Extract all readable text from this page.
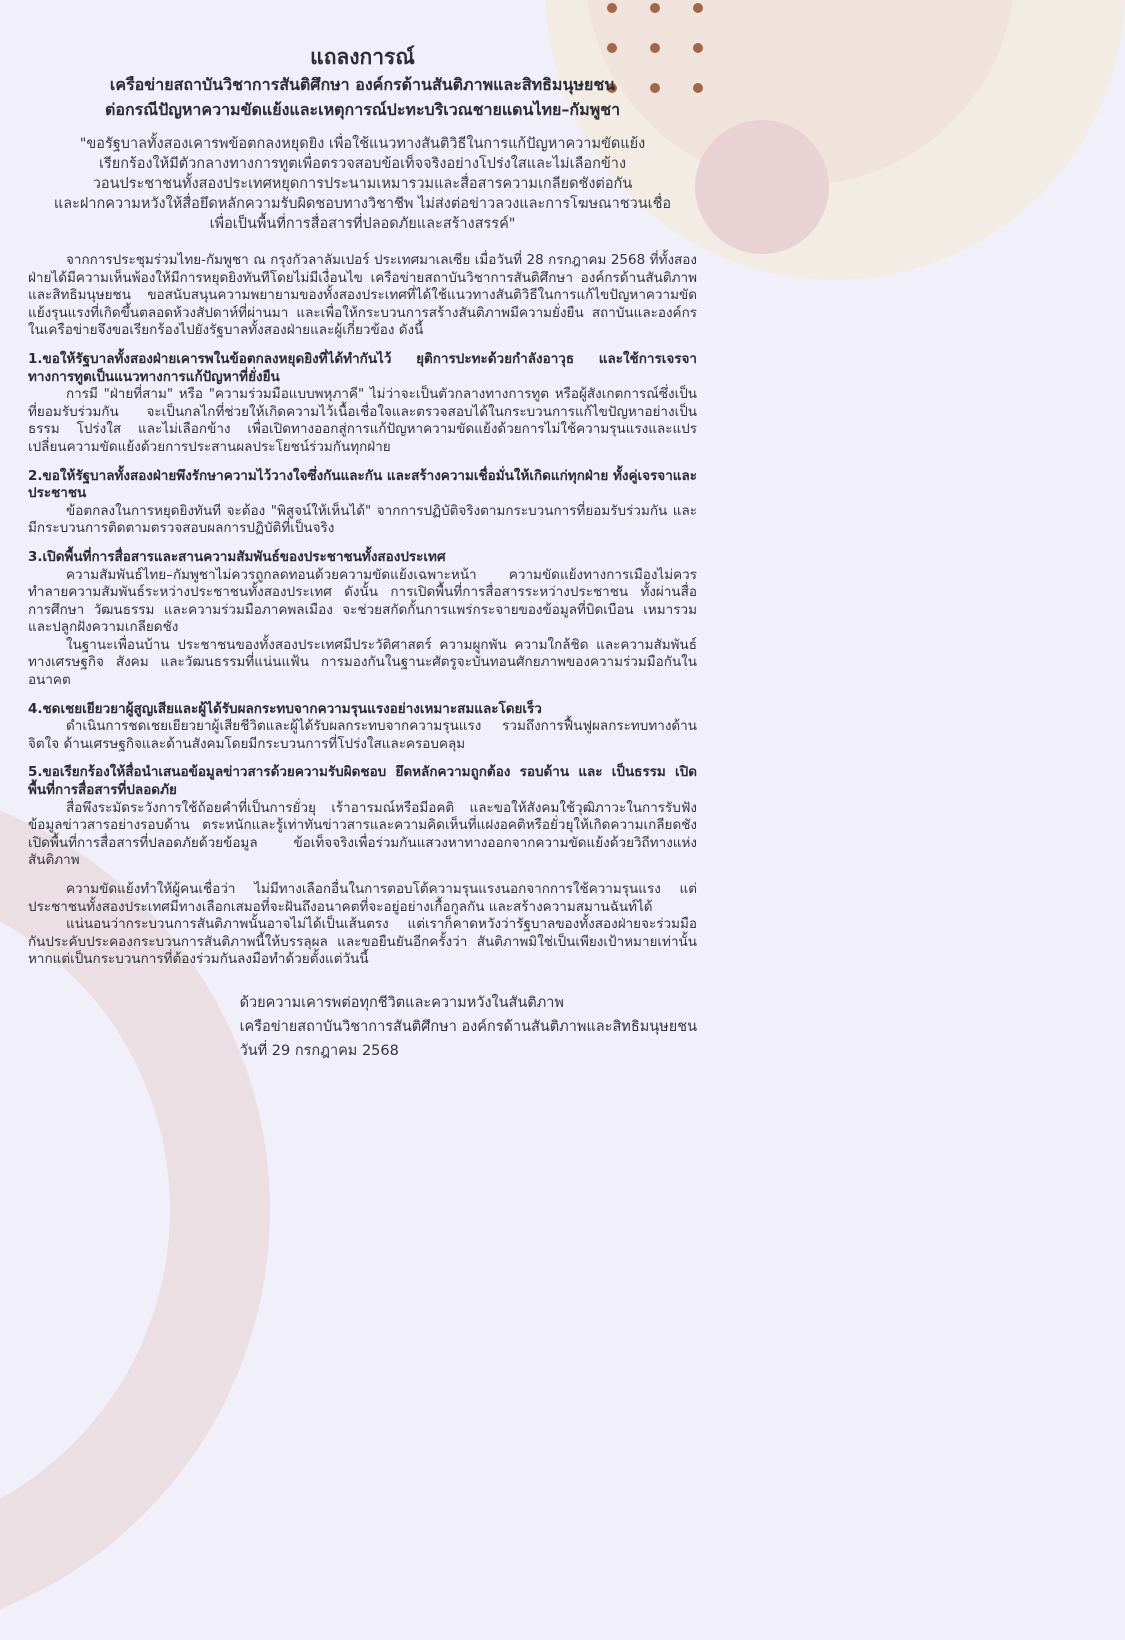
แถลงการณ์
เครือข่ายสถาบันวิชาการสันติศึกษา องค์กรด้านสันติภาพและสิทธิมนุษยชน
ต่อกรณีปัญหาความขัดแย้งและเหตุการณ์ปะทะบริเวณชายแดนไทย–กัมพูชา
"ขอรัฐบาลทั้งสองเคารพข้อตกลงหยุดยิง เพื่อใช้แนวทางสันติวิธีในการแก้ปัญหาความขัดแย้ง
เรียกร้องให้มีตัวกลางทางการทูตเพื่อตรวจสอบข้อเท็จจริงอย่างโปร่งใสและไม่เลือกข้าง
วอนประชาชนทั้งสองประเทศหยุดการประนามเหมารวมและสื่อสารความเกลียดชังต่อกัน
และฝากความหวังให้สื่อยึดหลักความรับผิดชอบทางวิชาชีพ ไม่ส่งต่อข่าวลวงและการโฆษณาชวนเชื่อ
เพื่อเป็นพื้นที่การสื่อสารที่ปลอดภัยและสร้างสรรค์"
จากการประชุมร่วมไทย-กัมพูชา ณ กรุงกัวลาลัมเปอร์ ประเทศมาเลเซีย เมื่อวันที่ 28 กรกฎาคม 2568 ที่ทั้งสองฝ่ายได้มีความเห็นพ้องให้มีการหยุดยิงทันทีโดยไม่มีเงื่อนไข เครือข่ายสถาบันวิชาการสันติศึกษา องค์กรด้านสันติภาพและสิทธิมนุษยชน ขอสนับสนุนความพยายามของทั้งสองประเทศที่ได้ใช้แนวทางสันติวิธีในการแก้ไขปัญหาความขัดแย้งรุนแรงที่เกิดขึ้นตลอดห้วงสัปดาห์ที่ผ่านมา และเพื่อให้กระบวนการสร้างสันติภาพมีความยั่งยืน สถาบันและองค์กรในเครือข่ายจึงขอเรียกร้องไปยังรัฐบาลทั้งสองฝ่ายและผู้เกี่ยวข้อง ดังนี้
1.ขอให้รัฐบาลทั้งสองฝ่ายเคารพในข้อตกลงหยุดยิงที่ได้ทำกันไว้ ยุติการปะทะด้วยกำลังอาวุธ และใช้การเจรจาทางการทูตเป็นแนวทางการแก้ปัญหาที่ยั่งยืน
การมี "ฝ่ายที่สาม" หรือ "ความร่วมมือแบบพหุภาคี" ไม่ว่าจะเป็นตัวกลางทางการทูต หรือผู้สังเกตการณ์ซึ่งเป็นที่ยอมรับร่วมกัน จะเป็นกลไกที่ช่วยให้เกิดความไว้เนื้อเชื่อใจและตรวจสอบได้ในกระบวนการแก้ไขปัญหาอย่างเป็นธรรม โปร่งใส และไม่เลือกข้าง เพื่อเปิดทางออกสู่การแก้ปัญหาความขัดแย้งด้วยการไม่ใช้ความรุนแรงและแปรเปลี่ยนความขัดแย้งด้วยการประสานผลประโยชน์ร่วมกันทุกฝ่าย
2.ขอให้รัฐบาลทั้งสองฝ่ายพึงรักษาความไว้วางใจซึ่งกันและกัน และสร้างความเชื่อมั่นให้เกิดแก่ทุกฝ่าย ทั้งคู่เจรจาและประชาชน
ข้อตกลงในการหยุดยิงทันที จะต้อง "พิสูจน์ให้เห็นได้" จากการปฏิบัติจริงตามกระบวนการที่ยอมรับร่วมกัน และมีกระบวนการติดตามตรวจสอบผลการปฏิบัติที่เป็นจริง
3.เปิดพื้นที่การสื่อสารและสานความสัมพันธ์ของประชาชนทั้งสองประเทศ
ความสัมพันธ์ไทย–กัมพูชาไม่ควรถูกลดทอนด้วยความขัดแย้งเฉพาะหน้า ความขัดแย้งทางการเมืองไม่ควรทำลายความสัมพันธ์ระหว่างประชาชนทั้งสองประเทศ ดังนั้น การเปิดพื้นที่การสื่อสารระหว่างประชาชน ทั้งผ่านสื่อ การศึกษา วัฒนธรรม และความร่วมมือภาคพลเมือง จะช่วยสกัดกั้นการแพร่กระจายของข้อมูลที่บิดเบือน เหมารวมและปลูกฝังความเกลียดชัง
ในฐานะเพื่อนบ้าน ประชาชนของทั้งสองประเทศมีประวัติศาสตร์ ความผูกพัน ความใกล้ชิด และความสัมพันธ์ทางเศรษฐกิจ สังคม และวัฒนธรรมที่แน่นแฟ้น การมองกันในฐานะศัตรูจะบั่นทอนศักยภาพของความร่วมมือกันในอนาคต
4.ชดเชยเยียวยาผู้สูญเสียและผู้ได้รับผลกระทบจากความรุนแรงอย่างเหมาะสมและโดยเร็ว
ดำเนินการชดเชยเยียวยาผู้เสียชีวิตและผู้ได้รับผลกระทบจากความรุนแรง รวมถึงการฟื้นฟูผลกระทบทางด้านจิตใจ ด้านเศรษฐกิจและด้านสังคมโดยมีกระบวนการที่โปร่งใสและครอบคลุม
5.ขอเรียกร้องให้สื่อนำเสนอข้อมูลข่าวสารด้วยความรับผิดชอบ ยึดหลักความถูกต้อง รอบด้าน และ เป็นธรรม เปิดพื้นที่การสื่อสารที่ปลอดภัย
สื่อพึงระมัดระวังการใช้ถ้อยคำที่เป็นการยั่วยุ เร้าอารมณ์หรือมีอคติ และขอให้สังคมใช้วุฒิภาวะในการรับฟังข้อมูลข่าวสารอย่างรอบด้าน ตระหนักและรู้เท่าทันข่าวสารและความคิดเห็นที่แฝงอคติหรือยั่วยุให้เกิดความเกลียดชัง เปิดพื้นที่การสื่อสารที่ปลอดภัยด้วยข้อมูล ข้อเท็จจริงเพื่อร่วมกันแสวงหาทางออกจากความขัดแย้งด้วยวิถีทางแห่งสันติภาพ
ความขัดแย้งทำให้ผู้คนเชื่อว่า ไม่มีทางเลือกอื่นในการตอบโต้ความรุนแรงนอกจากการใช้ความรุนแรง แต่ประชาชนทั้งสองประเทศมีทางเลือกเสมอที่จะฝันถึงอนาคตที่จะอยู่อย่างเกื้อกูลกัน และสร้างความสมานฉันท์ได้
แน่นอนว่ากระบวนการสันติภาพนั้นอาจไม่ได้เป็นเส้นตรง แต่เราก็คาดหวังว่ารัฐบาลของทั้งสองฝ่ายจะร่วมมือกันประคับประคองกระบวนการสันติภาพนี้ให้บรรลุผล และขอยืนยันอีกครั้งว่า สันติภาพมิใช่เป็นเพียงเป้าหมายเท่านั้น หากแต่เป็นกระบวนการที่ต้องร่วมกันลงมือทำด้วยตั้งแต่วันนี้
ด้วยความเคารพต่อทุกชีวิตและความหวังในสันติภาพ
เครือข่ายสถาบันวิชาการสันติศึกษา องค์กรด้านสันติภาพและสิทธิมนุษยชน
วันที่ 29 กรกฎาคม 2568
